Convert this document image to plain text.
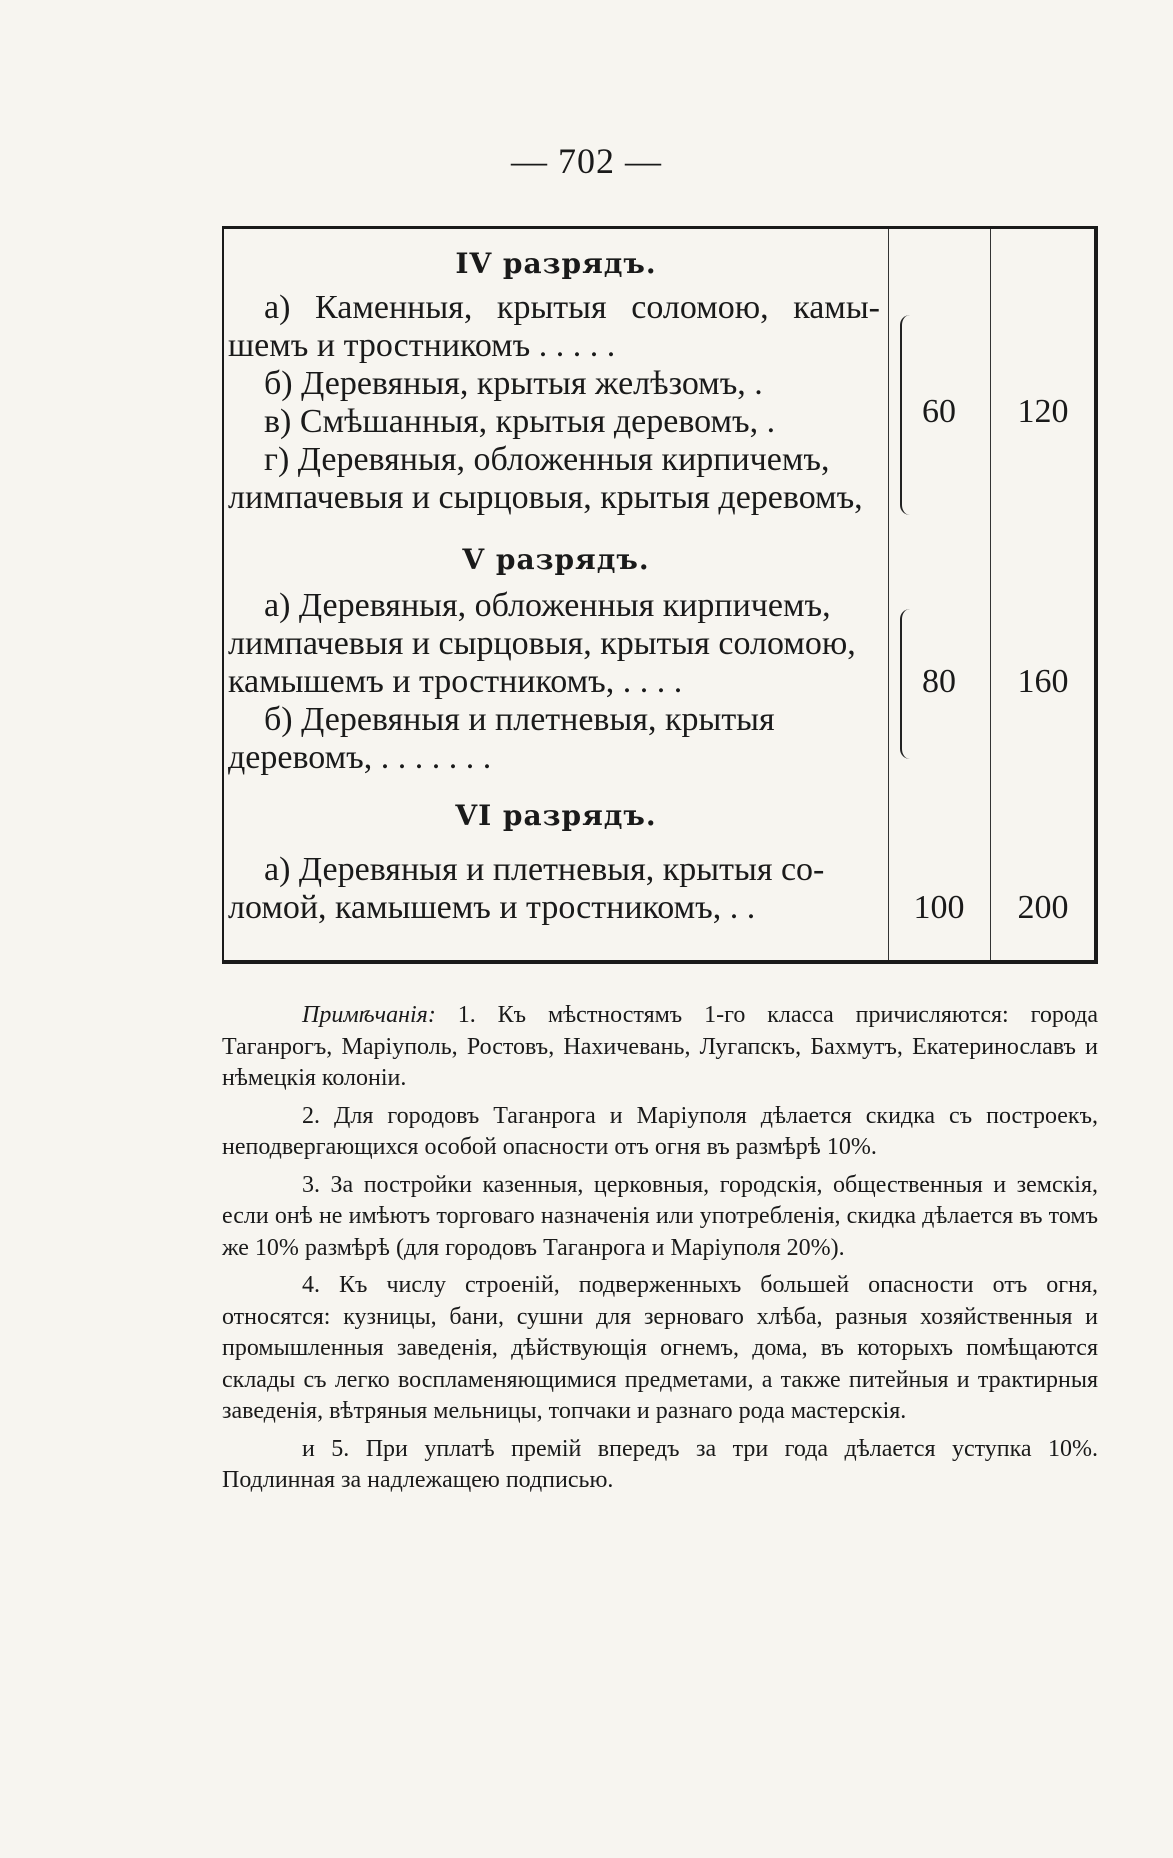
— 702 —
IV разрядъ.
а) Каменныя, крытыя соломою, камы-
шемъ и тростникомъ . . . . .
б) Деревяныя, крытыя желѣзомъ, .
в) Смѣшанныя, крытыя деревомъ, .
г) Деревяныя, обложенныя кирпичемъ,
лимпачевыя и сырцовыя, крытыя деревомъ,
60	120
V разрядъ.
а) Деревяныя, обложенныя кирпичемъ,
лимпачевыя и сырцовыя, крытыя соломою,
камышемъ и тростникомъ, . . . .
б) Деревяныя и плетневыя, крытыя
деревомъ, . . . . . . .
80	160
VI разрядъ.
а) Деревяныя и плетневыя, крытыя со-
ломой, камышемъ и тростникомъ, . .	100	200

Примѣчанія: 1. Къ мѣстностямъ 1-го класса причисляются: города Таганрогъ, Маріуполь, Ростовъ, Нахичевань, Лугапскъ, Бахмутъ, Екатеринославъ и нѣмецкія колоніи.

2. Для городовъ Таганрога и Маріуполя дѣлается скидка съ построекъ, неподвергающихся особой опасности отъ огня въ размѣрѣ 10%.

3. За постройки казенныя, церковныя, городскія, общественныя и земскія, если онѣ не имѣютъ торговаго назначенія или употребленія, скидка дѣлается въ томъ же 10% размѣрѣ (для городовъ Таганрога и Маріуполя 20%).

4. Къ числу строеній, подверженныхъ большей опасности отъ огня, относятся: кузницы, бани, сушни для зерноваго хлѣба, разныя хозяйственныя и промышленныя заведенія, дѣйствующія огнемъ, дома, въ которыхъ помѣщаются склады съ легко воспламеняющимися предметами, а также питейныя и трактирныя заведенія, вѣтряныя мельницы, топчаки и разнаго рода мастерскія.

и 5. При уплатѣ премій впередъ за три года дѣлается уступка 10%. Подлинная за надлежащею подписью.
